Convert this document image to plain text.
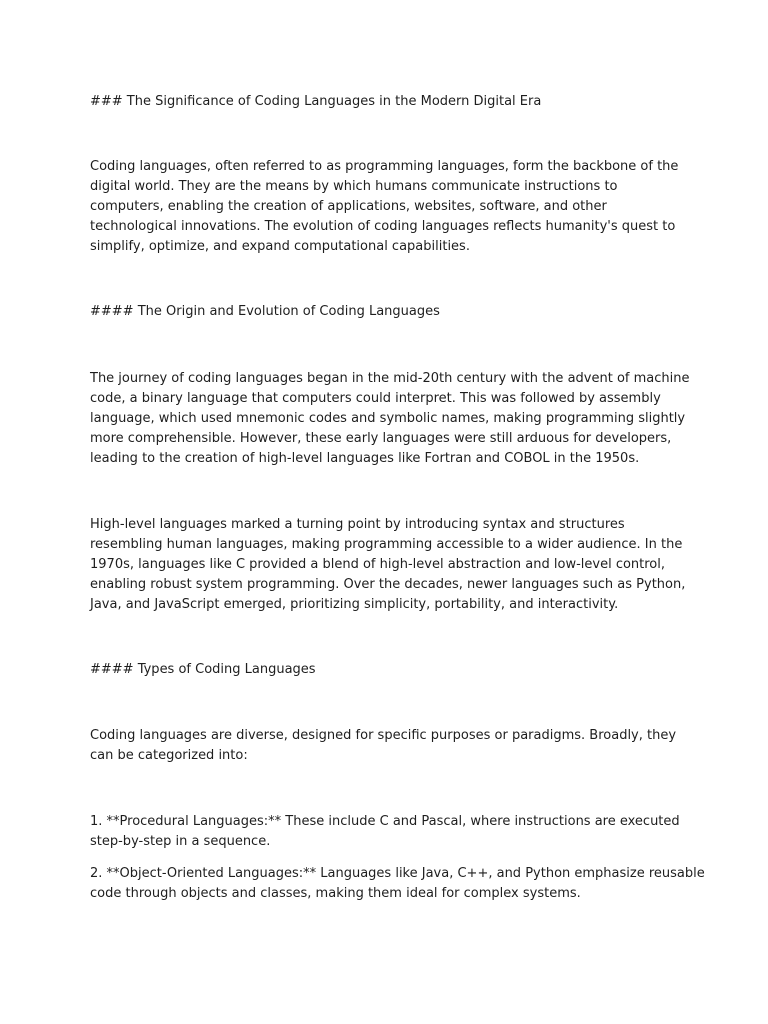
### The Significance of Coding Languages in the Modern Digital Era

Coding languages, often referred to as programming languages, form the backbone of the

digital world. They are the means by which humans communicate instructions to

computers, enabling the creation of applications, websites, software, and other

technological innovations. The evolution of coding languages reflects humanity's quest to

simplify, optimize, and expand computational capabilities.

#### The Origin and Evolution of Coding Languages

The journey of coding languages began in the mid-20th century with the advent of machine

code, a binary language that computers could interpret. This was followed by assembly

language, which used mnemonic codes and symbolic names, making programming slightly

more comprehensible. However, these early languages were still arduous for developers,

leading to the creation of high-level languages like Fortran and COBOL in the 1950s.

High-level languages marked a turning point by introducing syntax and structures

resembling human languages, making programming accessible to a wider audience. In the

1970s, languages like C provided a blend of high-level abstraction and low-level control,

enabling robust system programming. Over the decades, newer languages such as Python,

Java, and JavaScript emerged, prioritizing simplicity, portability, and interactivity.

#### Types of Coding Languages

Coding languages are diverse, designed for specific purposes or paradigms. Broadly, they

can be categorized into:

1. **Procedural Languages:** These include C and Pascal, where instructions are executed

step-by-step in a sequence.

2. **Object-Oriented Languages:** Languages like Java, C++, and Python emphasize reusable

code through objects and classes, making them ideal for complex systems.
